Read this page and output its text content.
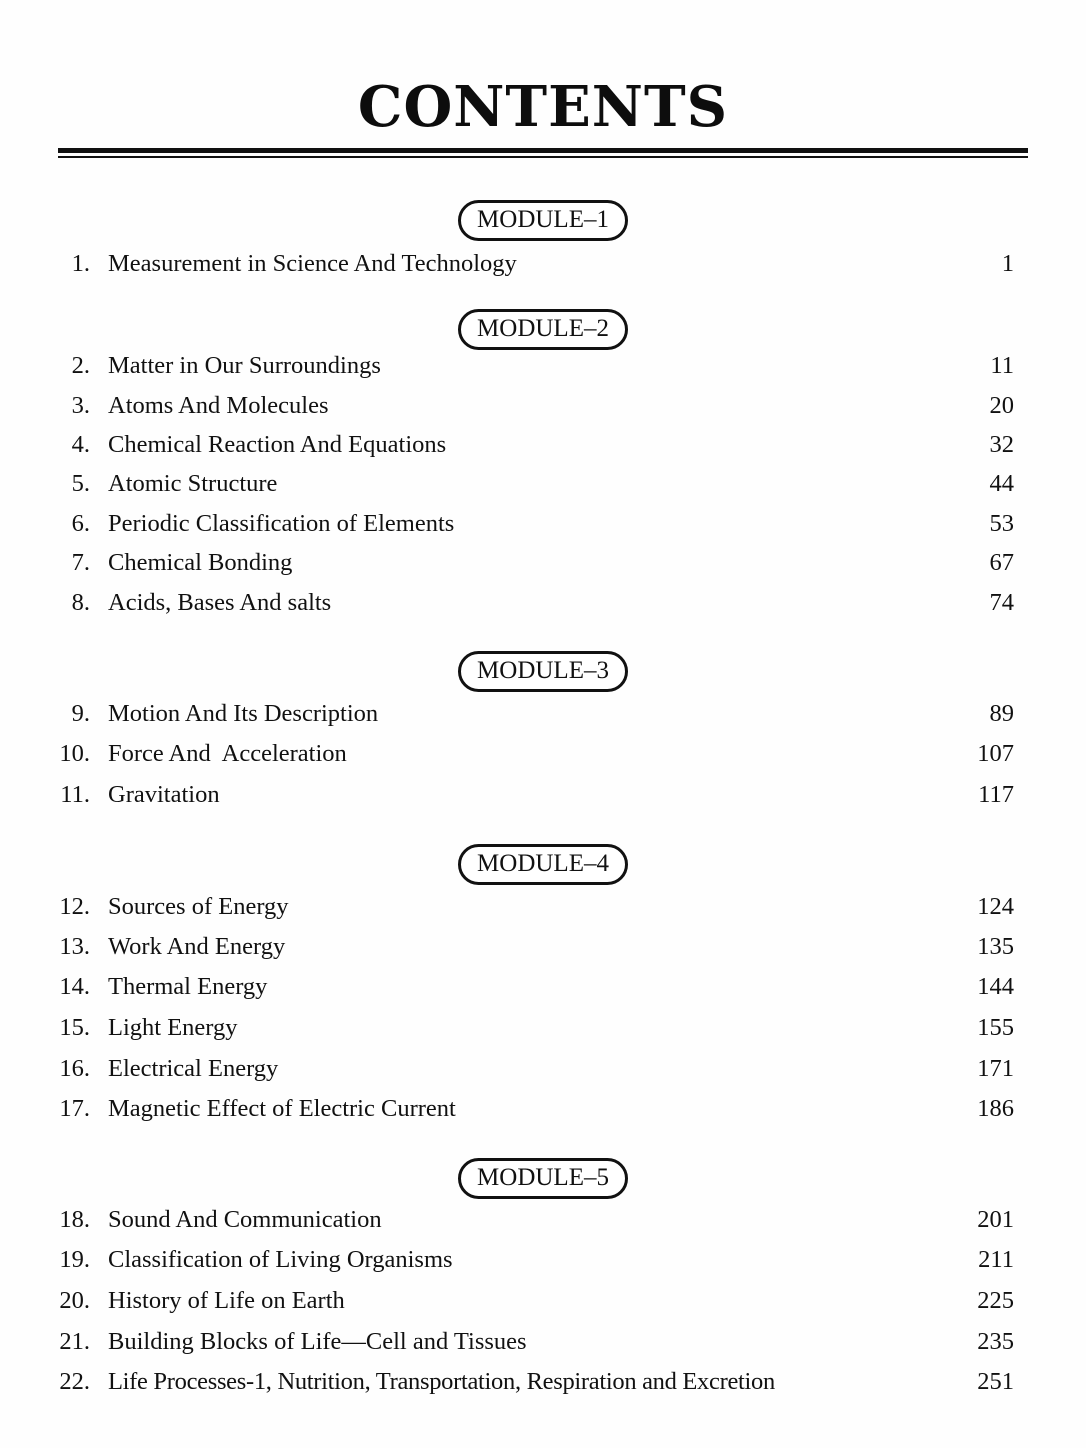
CONTENTS
MODULE–1
1. Measurement in Science And Technology	1
MODULE–2
2. Matter in Our Surroundings	11
3. Atoms And Molecules	20
4. Chemical Reaction And Equations	32
5. Atomic Structure	44
6. Periodic Classification of Elements	53
7. Chemical Bonding	67
8. Acids, Bases And salts	74
MODULE–3
9. Motion And Its Description	89
10. Force And  Acceleration	107
11. Gravitation	117
MODULE–4
12. Sources of Energy	124
13. Work And Energy	135
14. Thermal Energy	144
15. Light Energy	155
16. Electrical Energy	171
17. Magnetic Effect of Electric Current	186
MODULE–5
18. Sound And Communication	201
19. Classification of Living Organisms	211
20. History of Life on Earth	225
21. Building Blocks of Life—Cell and Tissues	235
22. Life Processes-1, Nutrition, Transportation, Respiration and Excretion	251
